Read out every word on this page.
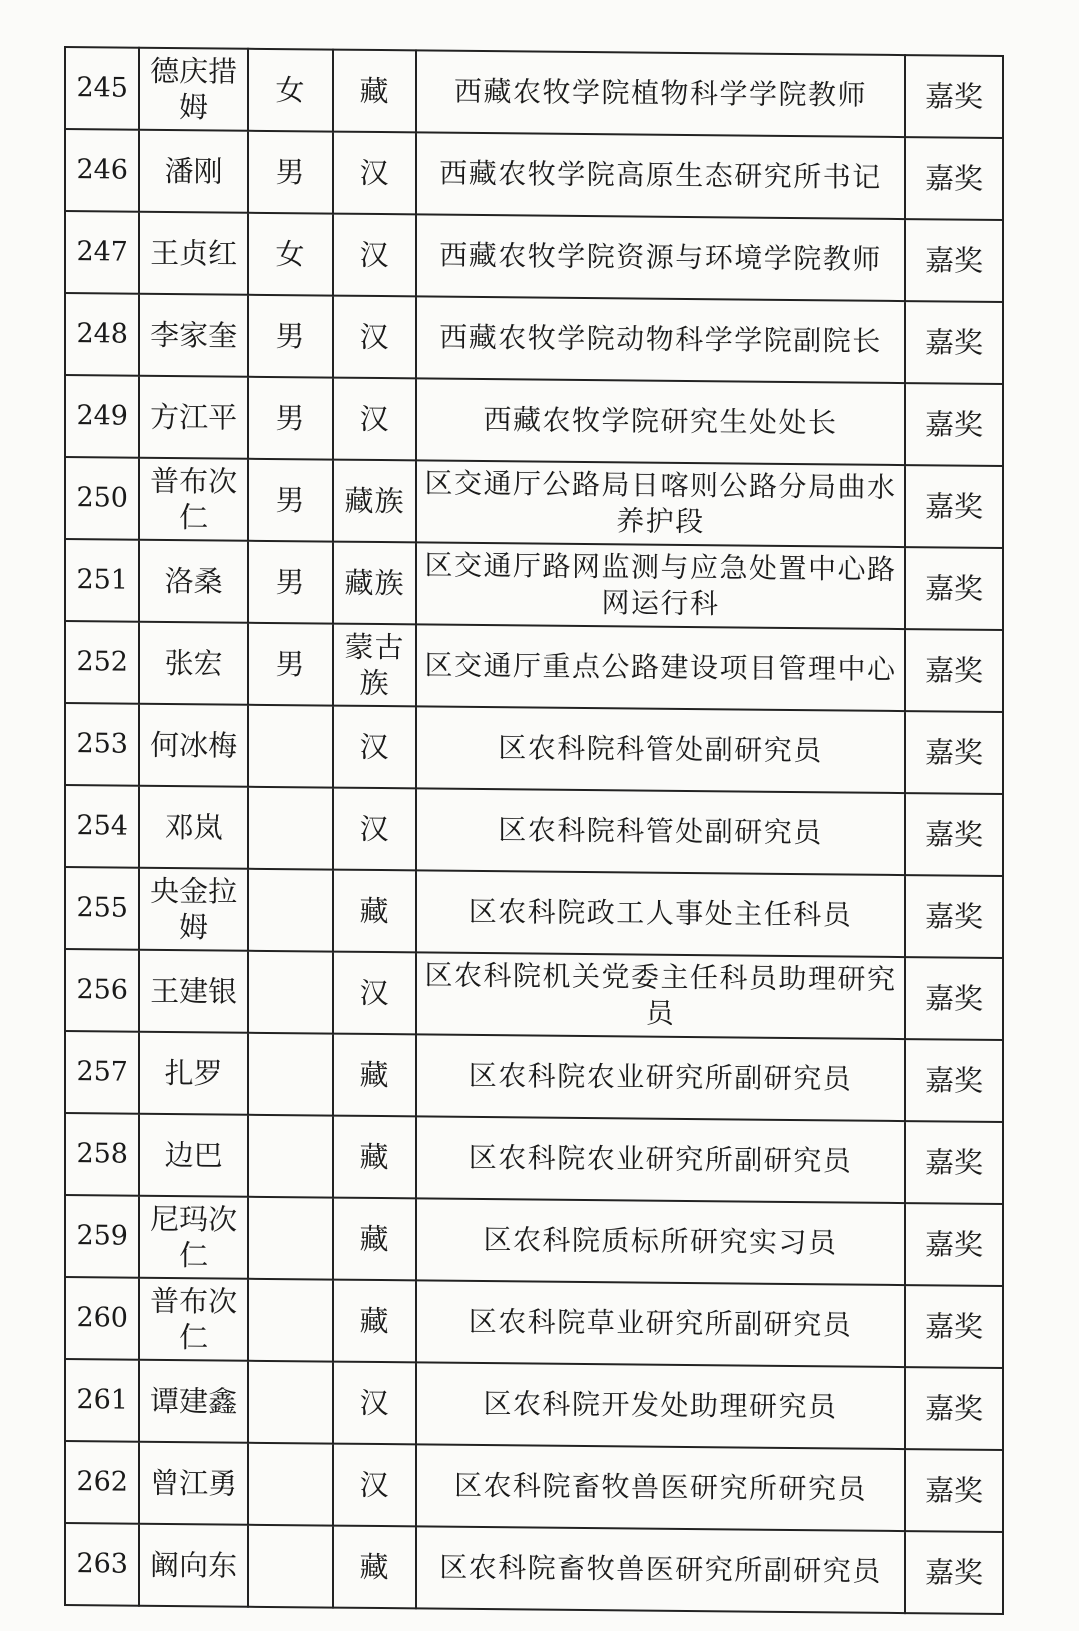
245	德庆措姆	女	藏	西藏农牧学院植物科学学院教师	嘉奖
246	潘刚	男	汉	西藏农牧学院高原生态研究所书记	嘉奖
247	王贞红	女	汉	西藏农牧学院资源与环境学院教师	嘉奖
248	李家奎	男	汉	西藏农牧学院动物科学学院副院长	嘉奖
249	方江平	男	汉	西藏农牧学院研究生处处长	嘉奖
250	普布次仁	男	藏族	区交通厅公路局日喀则公路分局曲水养护段	嘉奖
251	洛桑	男	藏族	区交通厅路网监测与应急处置中心路网运行科	嘉奖
252	张宏	男	蒙古族	区交通厅重点公路建设项目管理中心	嘉奖
253	何冰梅		汉	区农科院科管处副研究员	嘉奖
254	邓岚		汉	区农科院科管处副研究员	嘉奖
255	央金拉姆		藏	区农科院政工人事处主任科员	嘉奖
256	王建银		汉	区农科院机关党委主任科员助理研究员	嘉奖
257	扎罗		藏	区农科院农业研究所副研究员	嘉奖
258	边巴		藏	区农科院农业研究所副研究员	嘉奖
259	尼玛次仁		藏	区农科院质标所研究实习员	嘉奖
260	普布次仁		藏	区农科院草业研究所副研究员	嘉奖
261	谭建鑫		汉	区农科院开发处助理研究员	嘉奖
262	曾江勇		汉	区农科院畜牧兽医研究所研究员	嘉奖
263	阚向东		藏	区农科院畜牧兽医研究所副研究员	嘉奖
